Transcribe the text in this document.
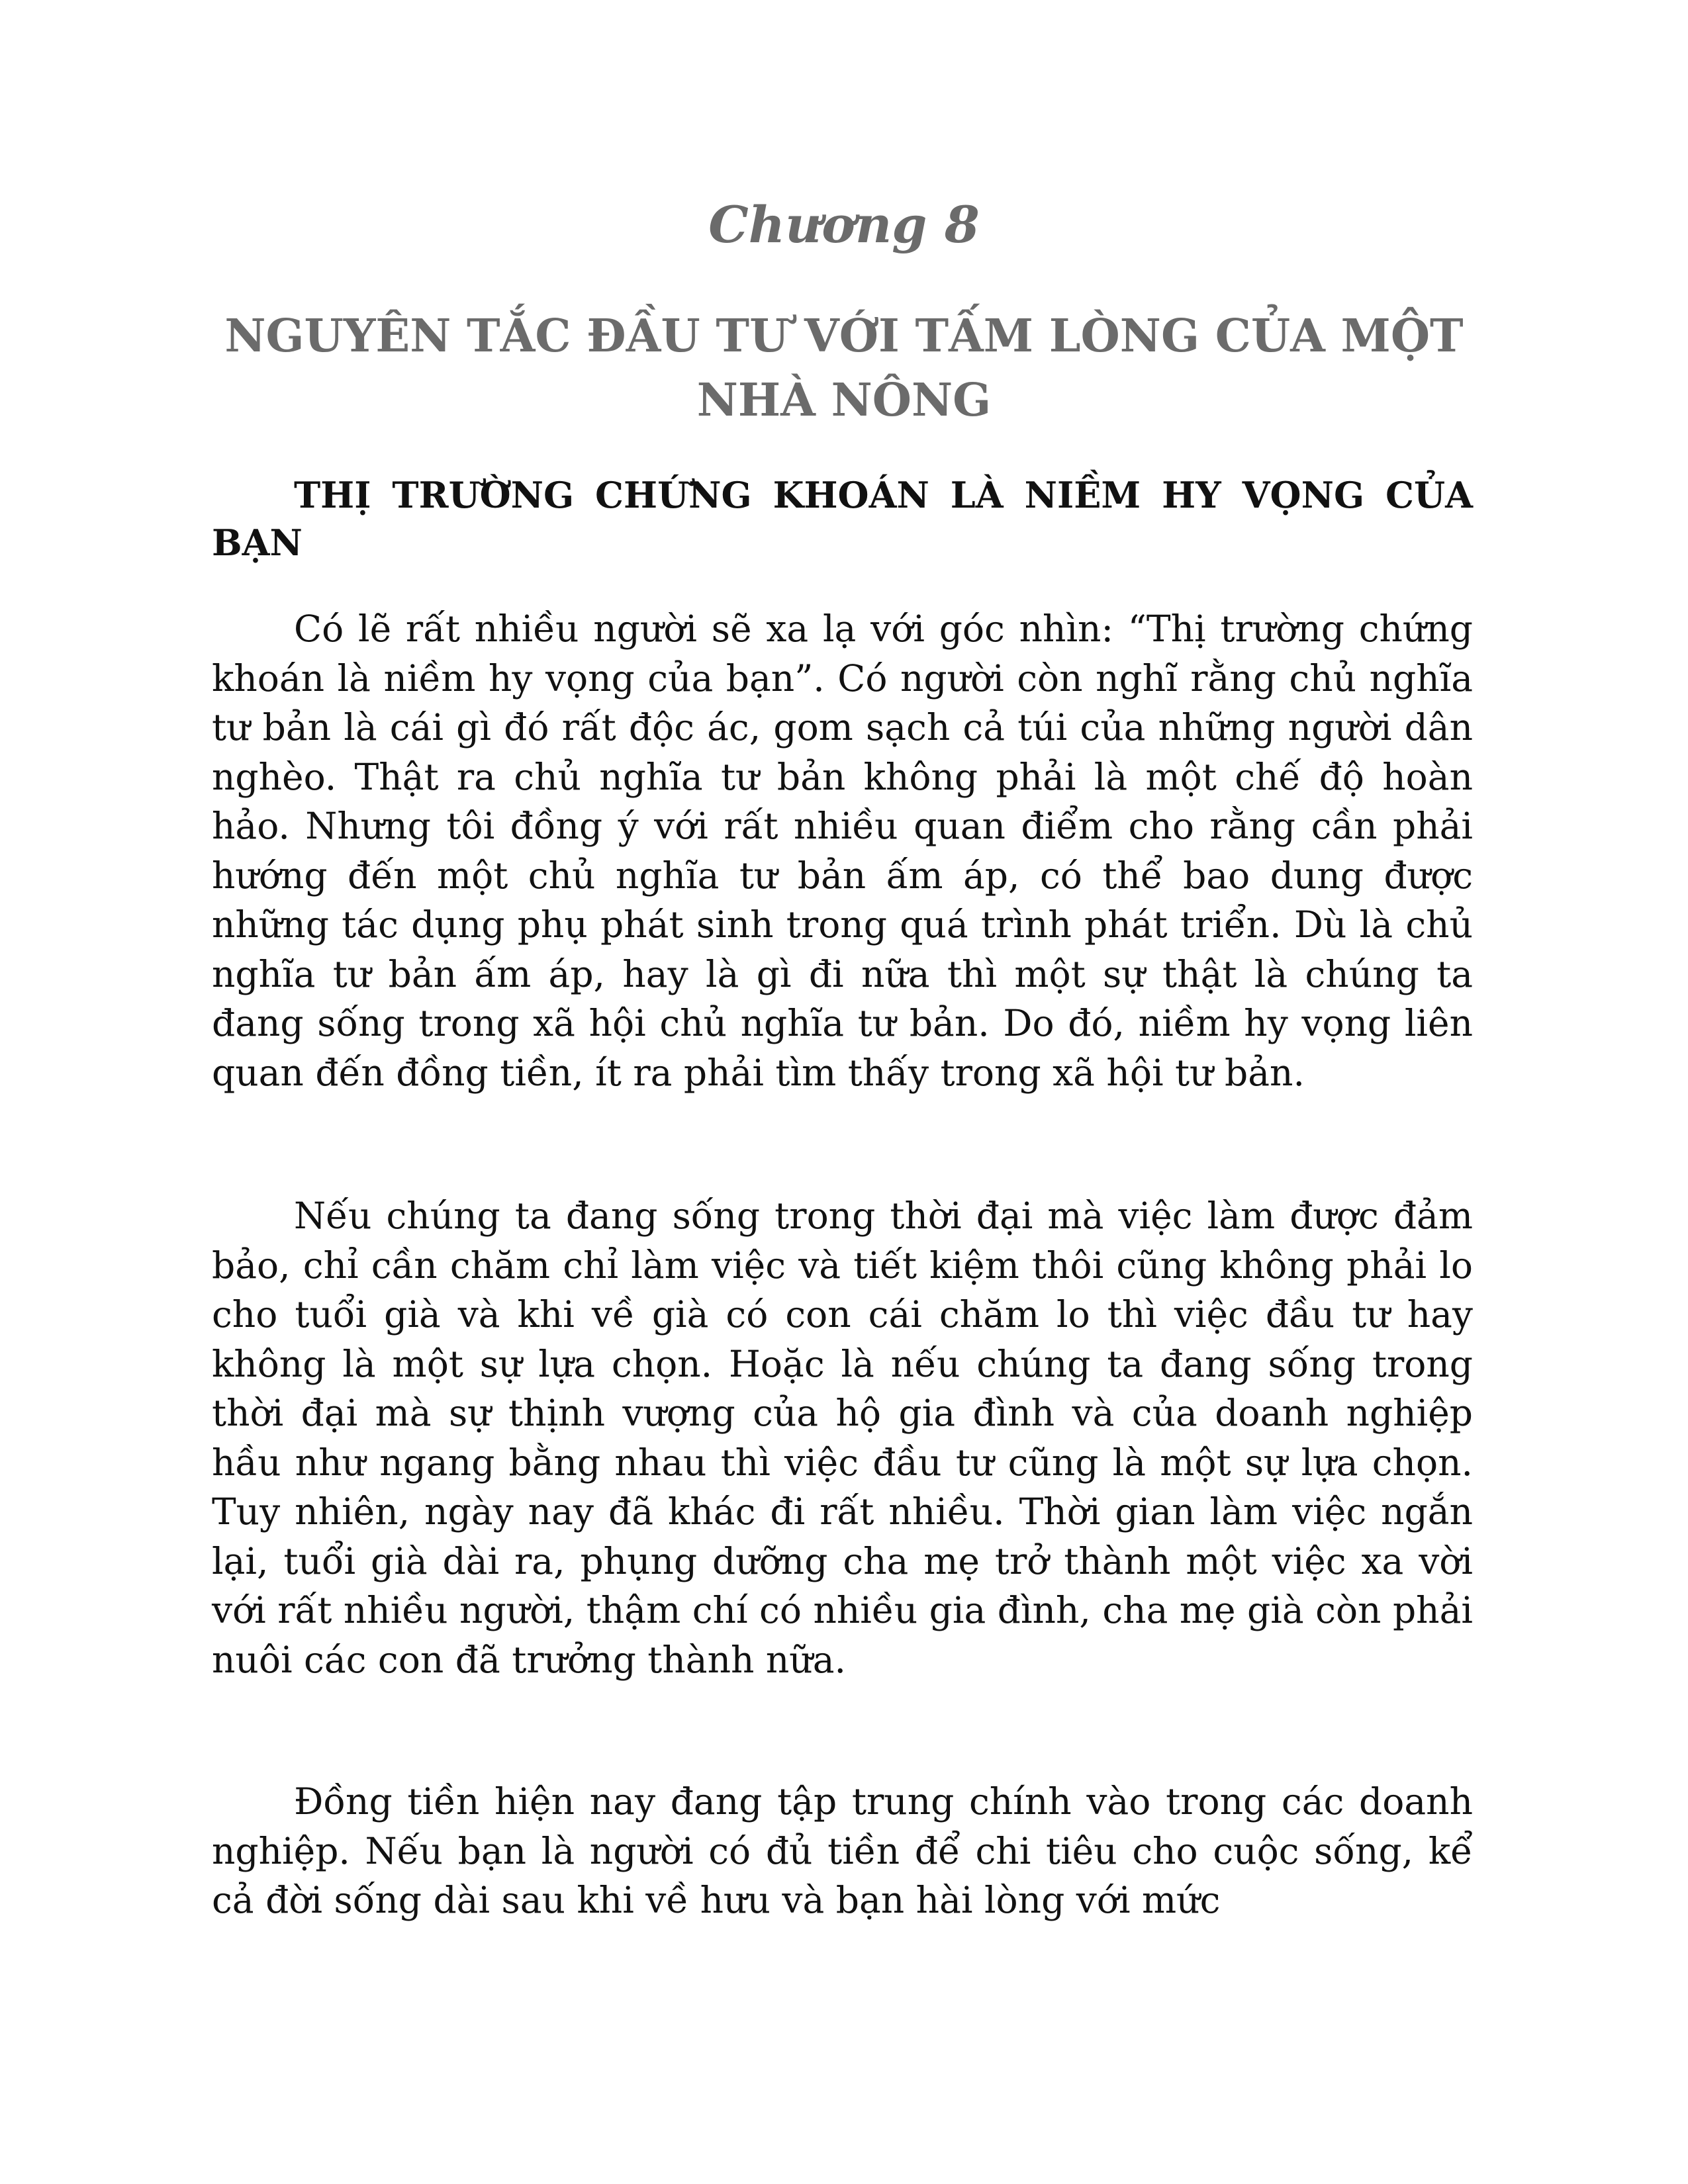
Chương 8
NGUYÊN TẮC ĐẦU TƯ VỚI TẤM LÒNG CỦA MỘT NHÀ NÔNG
THỊ TRƯỜNG CHỨNG KHOÁN LÀ NIỀM HY VỌNG CỦA BẠN

Có lẽ rất nhiều người sẽ xa lạ với góc nhìn: “Thị trường chứng khoán là niềm hy vọng của bạn”. Có người còn nghĩ rằng chủ nghĩa tư bản là cái gì đó rất độc ác, gom sạch cả túi của những người dân nghèo. Thật ra chủ nghĩa tư bản không phải là một chế độ hoàn hảo. Nhưng tôi đồng ý với rất nhiều quan điểm cho rằng cần phải hướng đến một chủ nghĩa tư bản ấm áp, có thể bao dung được những tác dụng phụ phát sinh trong quá trình phát triển. Dù là chủ nghĩa tư bản ấm áp, hay là gì đi nữa thì một sự thật là chúng ta đang sống trong xã hội chủ nghĩa tư bản. Do đó, niềm hy vọng liên quan đến đồng tiền, ít ra phải tìm thấy trong xã hội tư bản.

Nếu chúng ta đang sống trong thời đại mà việc làm được đảm bảo, chỉ cần chăm chỉ làm việc và tiết kiệm thôi cũng không phải lo cho tuổi già và khi về già có con cái chăm lo thì việc đầu tư hay không là một sự lựa chọn. Hoặc là nếu chúng ta đang sống trong thời đại mà sự thịnh vượng của hộ gia đình và của doanh nghiệp hầu như ngang bằng nhau thì việc đầu tư cũng là một sự lựa chọn. Tuy nhiên, ngày nay đã khác đi rất nhiều. Thời gian làm việc ngắn lại, tuổi già dài ra, phụng dưỡng cha mẹ trở thành một việc xa vời với rất nhiều người, thậm chí có nhiều gia đình, cha mẹ già còn phải nuôi các con đã trưởng thành nữa.

Đồng tiền hiện nay đang tập trung chính vào trong các doanh nghiệp. Nếu bạn là người có đủ tiền để chi tiêu cho cuộc sống, kể cả đời sống dài sau khi về hưu và bạn hài lòng với mức
